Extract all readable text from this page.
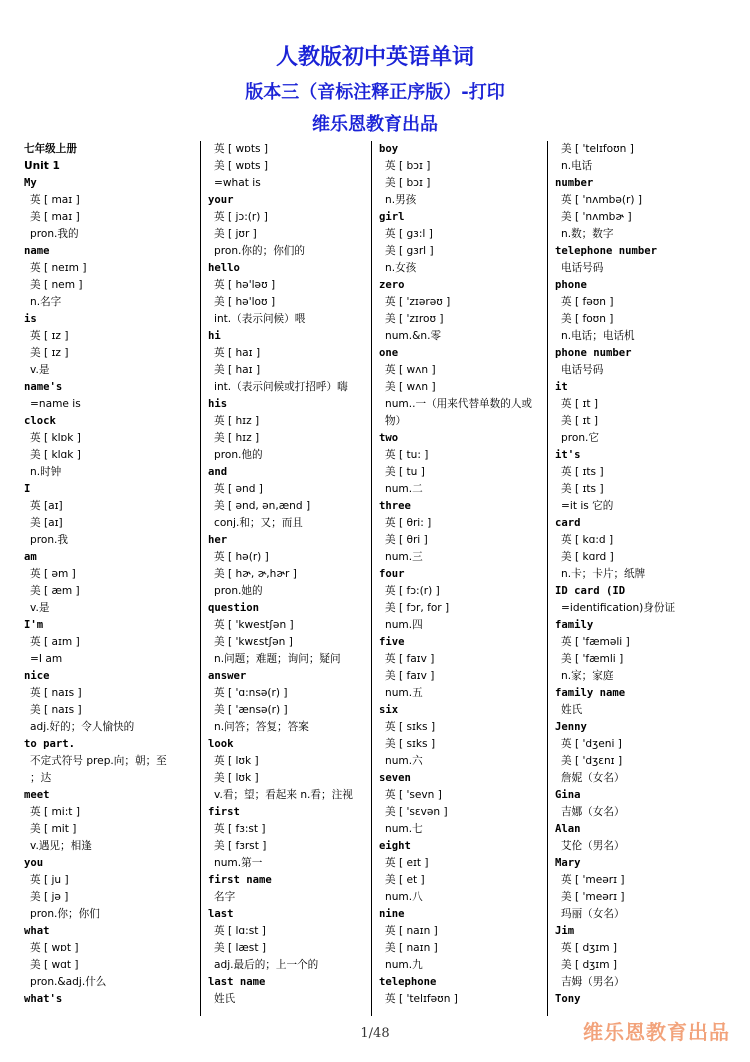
人教版初中英语单词
版本三（音标注释正序版）-打印
维乐恩教育出品
七年级上册
Unit 1
My
英 [ maɪ ]
美 [ maɪ ]
pron.我的
name
英 [ neɪm ]
美 [ nem ]
n.名字
is
英 [ ɪz ]
美 [ ɪz ]
v.是
name's
=name is
clock
英 [ klɒk ]
美 [ klɑk ]
n.时钟
I
英 [aɪ]
美 [aɪ]
pron.我
am
英 [ əm ]
美 [ æm ]
v.是
I'm
英 [ aɪm ]
=I am
nice
英 [ naɪs ]
美 [ naɪs ]
adj.好的；令人愉快的
to part.
不定式符号 prep.向；朝；至
；达
meet
英 [ mi:t ]
美 [ mit ]
v.遇见；相逢
you
英 [ ju ]
美 [ jə ]
pron.你；你们
what
英 [ wɒt ]
美 [ wɑt ]
pron.&adj.什么
what's
英 [ wɒts ]
美 [ wɒts ]
=what is
your
英 [ jɔ:(r) ]
美 [ jʊr ]
pron.你的；你们的
hello
英 [ hə'ləʊ ]
美 [ hə'loʊ ]
int.（表示问候）喂
hi
英 [ haɪ ]
美 [ haɪ ]
int.（表示问候或打招呼）嗨
his
英 [ hɪz ]
美 [ hɪz ]
pron.他的
and
英 [ ənd ]
美 [ ənd, ən,ænd ]
conj.和；又；而且
her
英 [ hə(r) ]
美 [ hɚ, ɚ,hɚr ]
pron.她的
question
英 [ 'kwestʃən ]
美 [ 'kwɛstʃən ]
n.问题；难题；询问；疑问
answer
英 [ 'ɑ:nsə(r) ]
美 [ 'ænsə(r) ]
n.问答；答复；答案
look
英 [ lʊk ]
美 [ lʊk ]
v.看；望；看起来 n.看；注视
first
英 [ fɜ:st ]
美 [ fɜrst ]
num.第一
first name
名字
last
英 [ lɑ:st ]
美 [ læst ]
adj.最后的；上一个的
last name
姓氏
boy
英 [ bɔɪ ]
美 [ bɔɪ ]
n.男孩
girl
英 [ gɜ:l ]
美 [ gɜrl ]
n.女孩
zero
英 [ 'zɪərəʊ ]
美 [ 'zɪroʊ ]
num.&n.零
one
英 [ wʌn ]
美 [ wʌn ]
num..一（用来代替单数的人或物）
two
英 [ tu: ]
美 [ tu ]
num.二
three
英 [ θri: ]
美 [ θri ]
num.三
four
英 [ fɔ:(r) ]
美 [ fɔr, for ]
num.四
five
英 [ faɪv ]
美 [ faɪv ]
num.五
six
英 [ sɪks ]
美 [ sɪks ]
num.六
seven
英 [ 'sevn ]
美 [ 'sɛvən ]
num.七
eight
英 [ eɪt ]
美 [ et ]
num.八
nine
英 [ naɪn ]
美 [ naɪn ]
num.九
telephone
英 [ 'telɪfəʊn ]
美 [ 'telɪfoʊn ]
n.电话
number
英 [ 'nʌmbə(r) ]
美 [ 'nʌmbɚ ]
n.数；数字
telephone number
电话号码
phone
英 [ fəʊn ]
美 [ foʊn ]
n.电话；电话机
phone number
电话号码
it
英 [ ɪt ]
美 [ ɪt ]
pron.它
it's
英 [ ɪts ]
美 [ ɪts ]
=it is 它的
card
英 [ kɑ:d ]
美 [ kɑrd ]
n.卡；卡片；纸牌
ID card (ID
=identification)身份证
family
英 [ 'fæməli ]
美 [ 'fæmli ]
n.家；家庭
family name
姓氏
Jenny
英 [ 'dʒeni ]
美 [ 'dʒɛnɪ ]
詹妮（女名）
Gina
吉娜（女名）
Alan
艾伦（男名）
Mary
英 [ 'meərɪ ]
美 [ 'meərɪ ]
玛丽（女名）
Jim
英 [ dʒɪm ]
美 [ dʒɪm ]
吉姆（男名）
Tony
1/48	维乐恩教育出品
